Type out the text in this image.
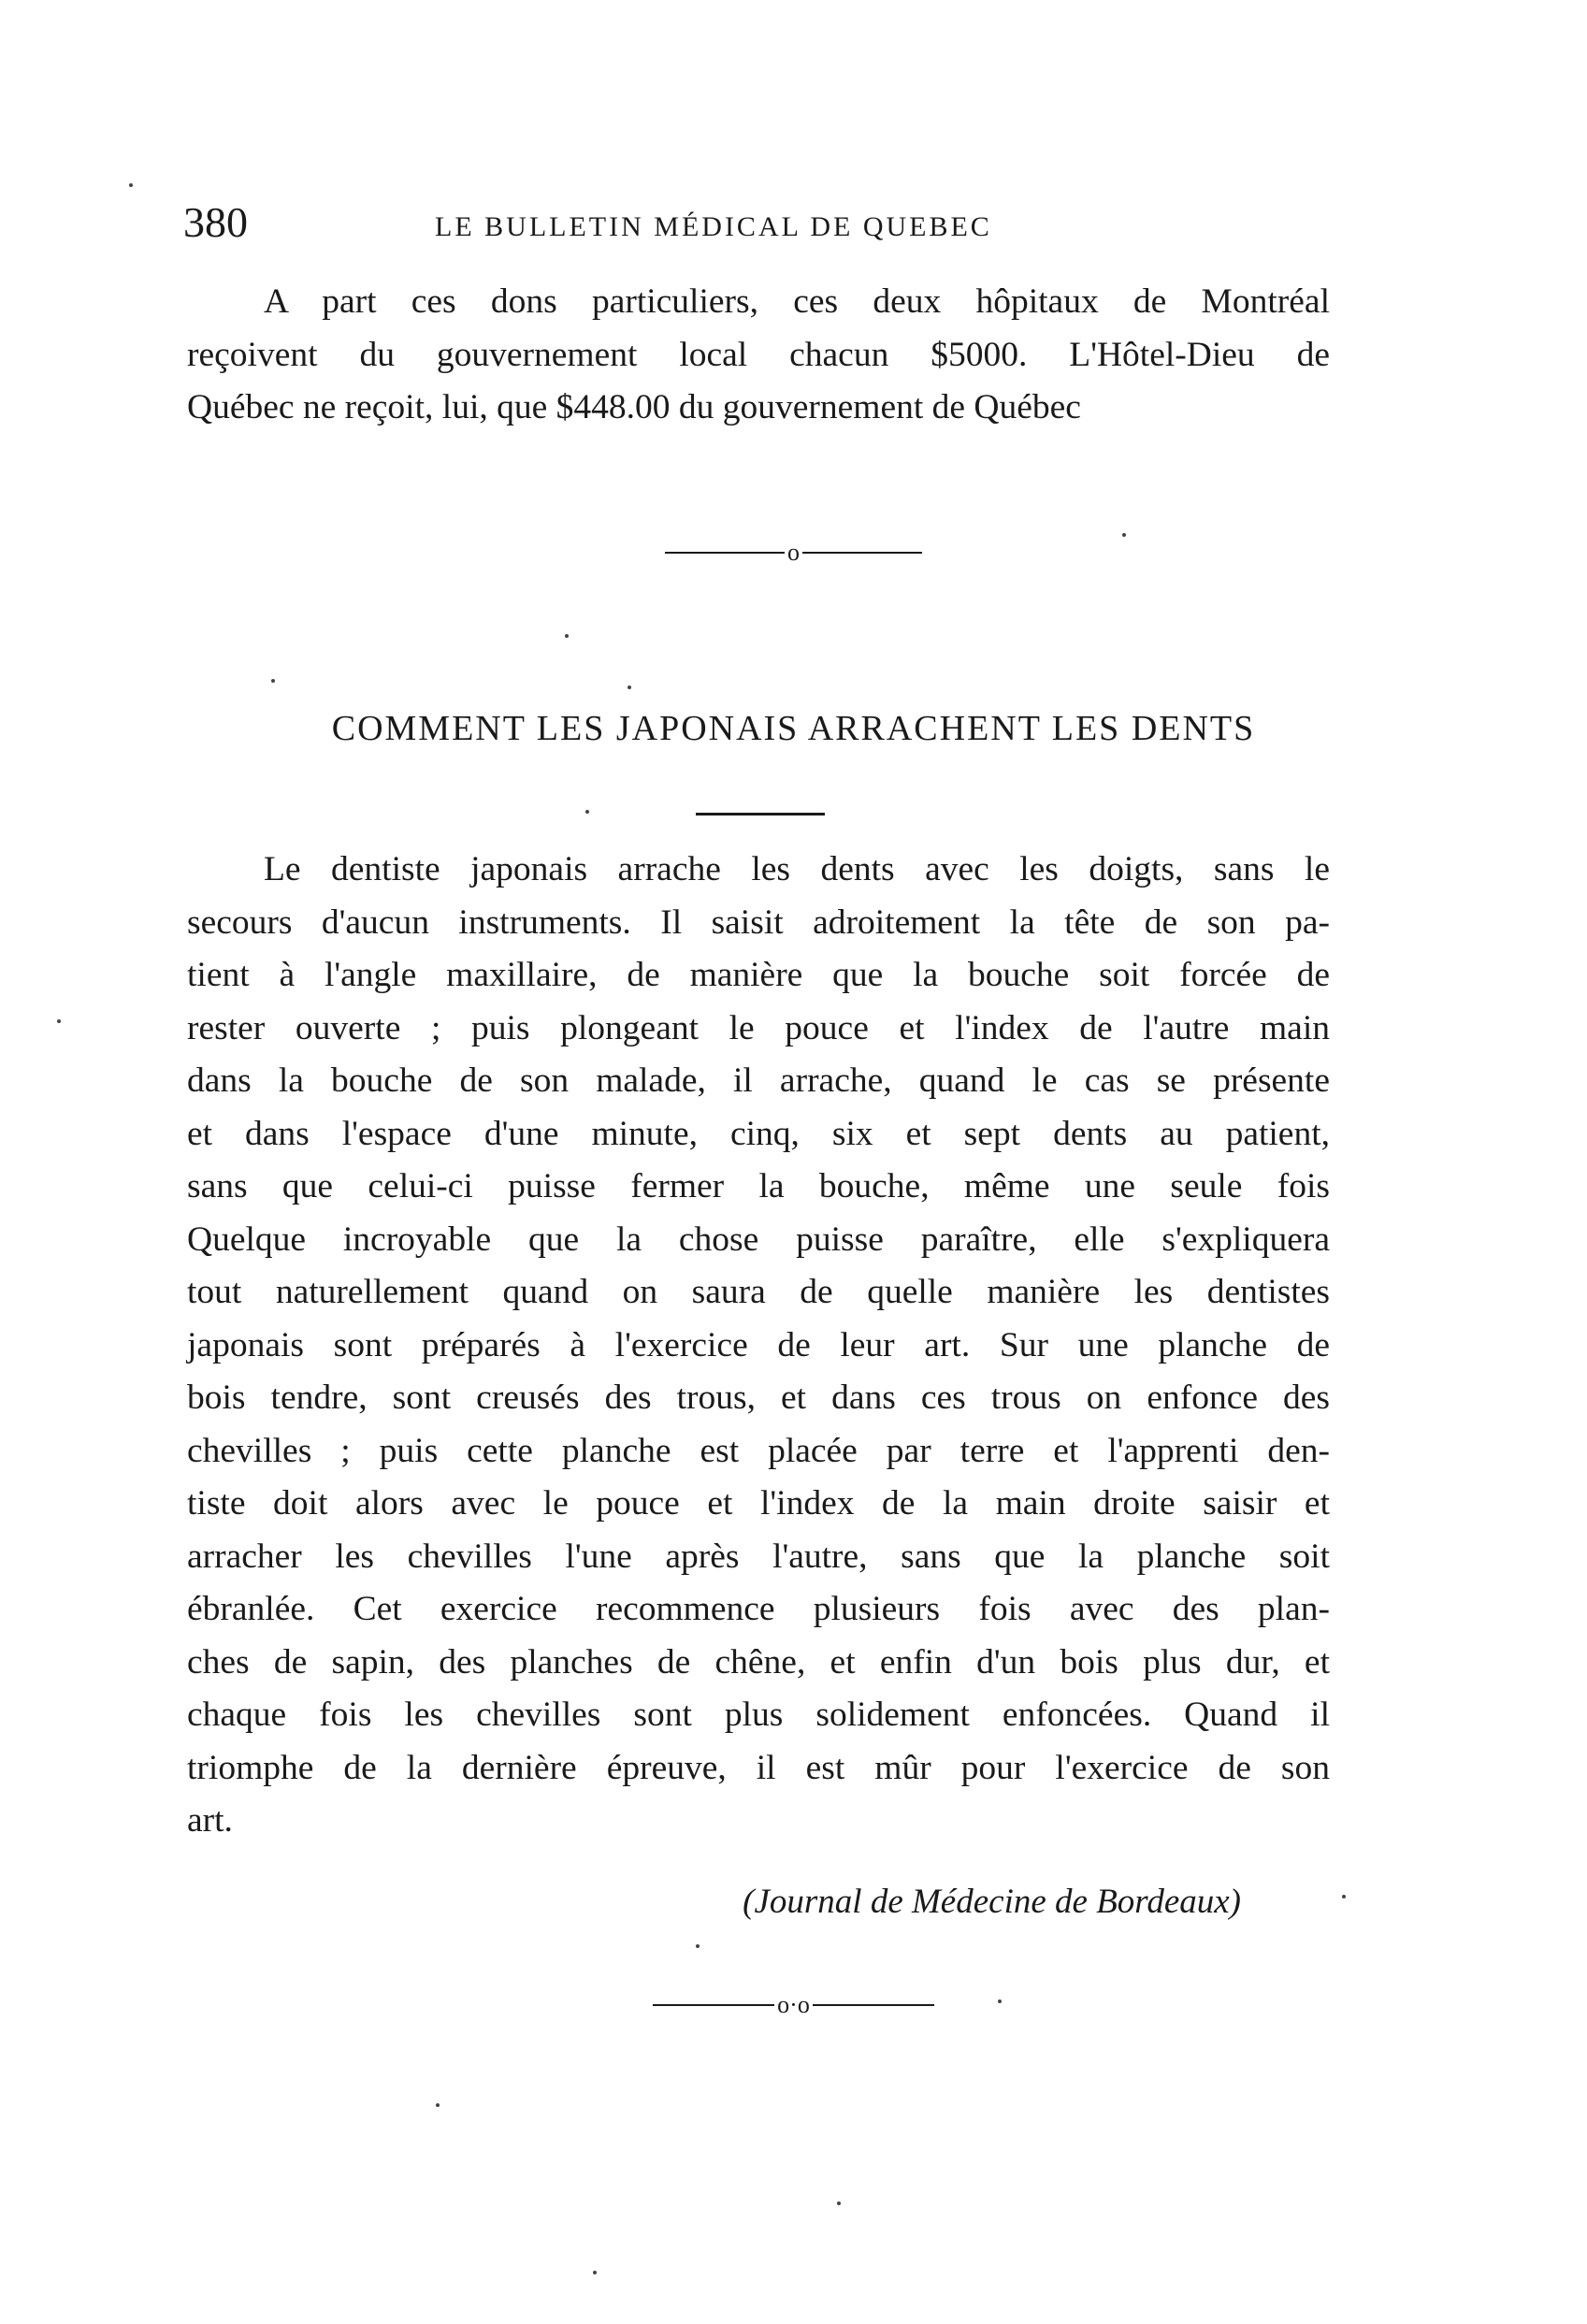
380	LE BULLETIN MÉDICAL DE QUEBEC
A part ces dons particuliers, ces deux hôpitaux de Montréal
reçoivent du gouvernement local chacun $5000. L'Hôtel-Dieu de
Québec ne reçoit, lui, que $448.00 du gouvernement de Québec
o
COMMENT LES JAPONAIS ARRACHENT LES DENTS
Le dentiste japonais arrache les dents avec les doigts, sans le
secours d'aucun instruments. Il saisit adroitement la tête de son pa-
tient à l'angle maxillaire, de manière que la bouche soit forcée de
rester ouverte ; puis plongeant le pouce et l'index de l'autre main
dans la bouche de son malade, il arrache, quand le cas se présente
et dans l'espace d'une minute, cinq, six et sept dents au patient,
sans que celui-ci puisse fermer la bouche, même une seule fois
Quelque incroyable que la chose puisse paraître, elle s'expliquera
tout naturellement quand on saura de quelle manière les dentistes
japonais sont préparés à l'exercice de leur art. Sur une planche de
bois tendre, sont creusés des trous, et dans ces trous on enfonce des
chevilles ; puis cette planche est placée par terre et l'apprenti den-
tiste doit alors avec le pouce et l'index de la main droite saisir et
arracher les chevilles l'une après l'autre, sans que la planche soit
ébranlée. Cet exercice recommence plusieurs fois avec des plan-
ches de sapin, des planches de chêne, et enfin d'un bois plus dur, et
chaque fois les chevilles sont plus solidement enfoncées. Quand il
triomphe de la dernière épreuve, il est mûr pour l'exercice de son
art.
(Journal de Médecine de Bordeaux)
o·o
